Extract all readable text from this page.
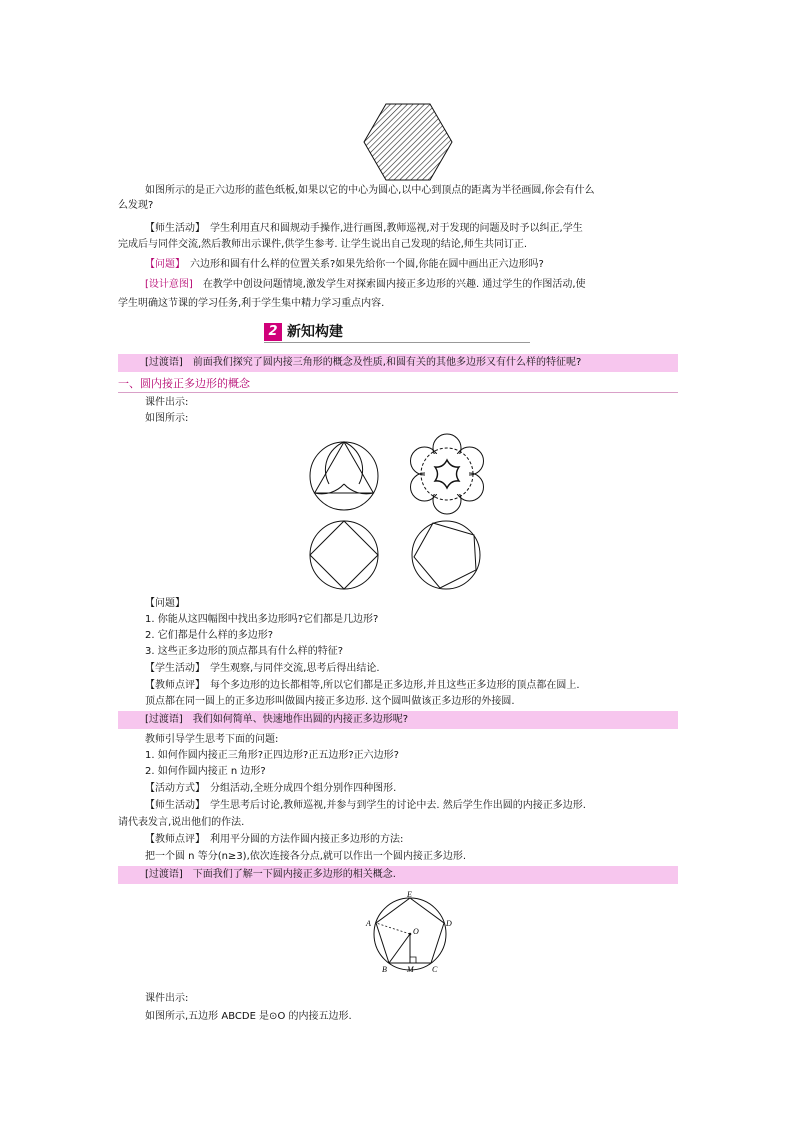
如图所示的是正六边形的蓝色纸板,如果以它的中心为圆心,以中心到顶点的距离为半径画圆,你会有什么
么发现?
【师生活动】　 学生利用直尺和圆规动手操作,进行画图,教师巡视,对于发现的问题及时予以纠正,学生
完成后与同伴交流,然后教师出示课件,供学生参考. 让学生说出自己发现的结论,师生共同订正.
【问题】　 六边形和圆有什么样的位置关系?如果先给你一个圆,你能在圆中画出正六边形吗?
[设计意图]　 在教学中创设问题情境,激发学生对探索圆内接正多边形的兴趣. 通过学生的作图活动,使
学生明确这节课的学习任务,利于学生集中精力学习重点内容.
2 新知构建
[过渡语]　前面我们探究了圆内接三角形的概念及性质,和圆有关的其他多边形又有什么样的特征呢?
一、圆内接正多边形的概念
课件出示:
如图所示:
【问题】
1. 你能从这四幅图中找出多边形吗?它们都是几边形?
2. 它们都是什么样的多边形?
3. 这些正多边形的顶点都具有什么样的特征?
【学生活动】　 学生观察,与同伴交流,思考后得出结论.
【教师点评】　 每个多边形的边长都相等,所以它们都是正多边形,并且这些正多边形的顶点都在圆上.
顶点都在同一圆上的正多边形叫做圆内接正多边形. 这个圆叫做该正多边形的外接圆.
[过渡语]　我们如何简单、快速地作出圆的内接正多边形呢?
教师引导学生思考下面的问题:
1. 如何作圆内接正三角形?正四边形?正五边形?正六边形?
2. 如何作圆内接正 n 边形?
【活动方式】　 分组活动,全班分成四个组分别作四种图形.
【师生活动】　 学生思考后讨论,教师巡视,并参与到学生的讨论中去. 然后学生作出圆的内接正多边形.
请代表发言,说出他们的作法.
【教师点评】　 利用平分圆的方法作圆内接正多边形的方法:
把一个圆 n 等分(n≥3),依次连接各分点,就可以作出一个圆内接正多边形.
[过渡语]　下面我们了解一下圆内接正多边形的相关概念.
E
D
A
O
B	M C
课件出示:
如图所示,五边形 ABCDE 是⊙O 的内接五边形.
